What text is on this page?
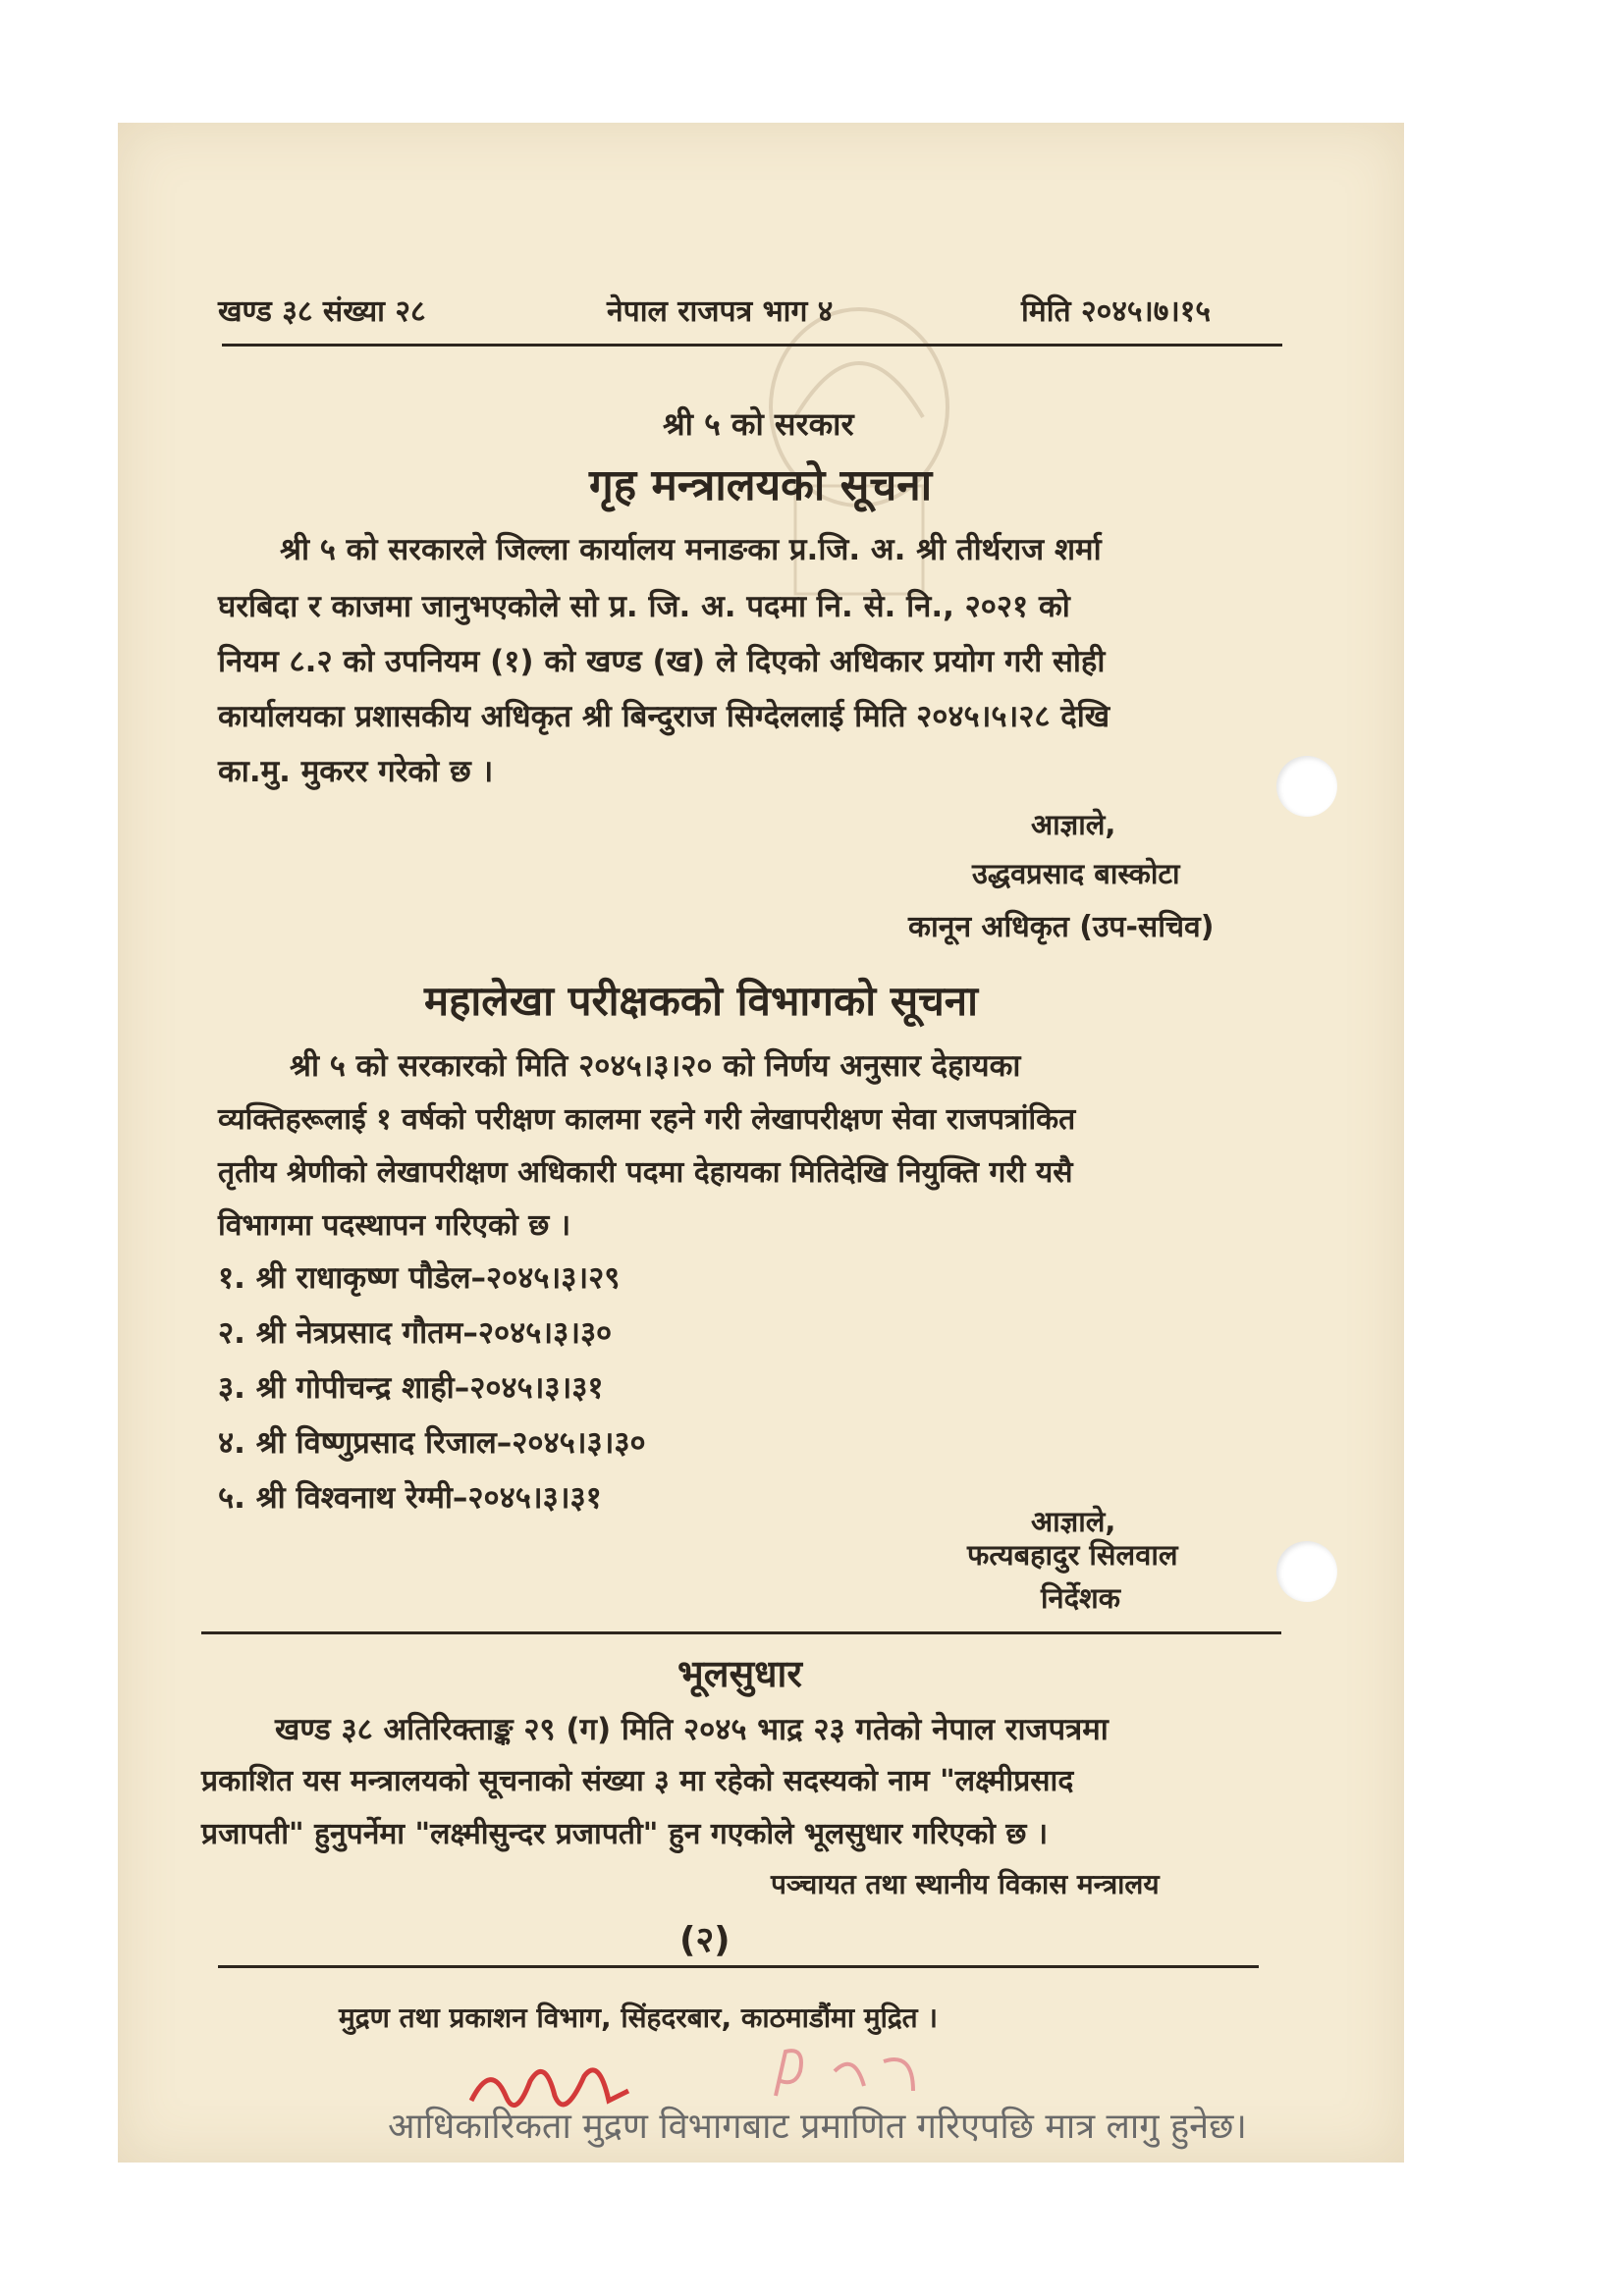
खण्ड ३८ संख्या २८	नेपाल राजपत्र भाग ४	मिति २०४५।७।१५
श्री ५ को सरकार
गृह मन्त्रालयको सूचना
श्री ५ को सरकारले जिल्ला कार्यालय मनाङका प्र.जि. अ. श्री तीर्थराज शर्मा
घरबिदा र काजमा जानुभएकोले सो प्र. जि. अ. पदमा नि. से. नि., २०२१ को
नियम ८.२ को उपनियम (१) को खण्ड (ख) ले दिएको अधिकार प्रयोग गरी सोही
कार्यालयका प्रशासकीय अधिकृत श्री बिन्दुराज सिग्देललाई मिति २०४५।५।२८ देखि
का.मु. मुकरर गरेको छ ।
आज्ञाले,
उद्धवप्रसाद बास्कोटा
कानून अधिकृत (उप-सचिव)
महालेखा परीक्षकको विभागको सूचना
श्री ५ को सरकारको मिति २०४५।३।२० को निर्णय अनुसार देहायका
व्यक्तिहरूलाई १ वर्षको परीक्षण कालमा रहने गरी लेखापरीक्षण सेवा राजपत्रांकित
तृतीय श्रेणीको लेखापरीक्षण अधिकारी पदमा देहायका मितिदेखि नियुक्ति गरी यसै
विभागमा पदस्थापन गरिएको छ ।
१. श्री राधाकृष्ण पौडेल–२०४५।३।२९
२. श्री नेत्रप्रसाद गौतम–२०४५।३।३०
३. श्री गोपीचन्द्र शाही–२०४५।३।३१
४. श्री विष्णुप्रसाद रिजाल–२०४५।३।३०
५. श्री विश्वनाथ रेग्मी–२०४५।३।३१
आज्ञाले,
फत्यबहादुर सिलवाल
निर्देशक
भूलसुधार
खण्ड ३८ अतिरिक्ताङ्क २९ (ग) मिति २०४५ भाद्र २३ गतेको नेपाल राजपत्रमा
प्रकाशित यस मन्त्रालयको सूचनाको संख्या ३ मा रहेको सदस्यको नाम "लक्ष्मीप्रसाद
प्रजापती" हुनुपर्नेमा "लक्ष्मीसुन्दर प्रजापती" हुन गएकोले भूलसुधार गरिएको छ ।
पञ्चायत तथा स्थानीय विकास मन्त्रालय
(२)
मुद्रण तथा प्रकाशन विभाग, सिंहदरबार, काठमाडौंमा मुद्रित ।
आधिकारिकता मुद्रण विभागबाट प्रमाणित गरिएपछि मात्र लागु हुनेछ।
